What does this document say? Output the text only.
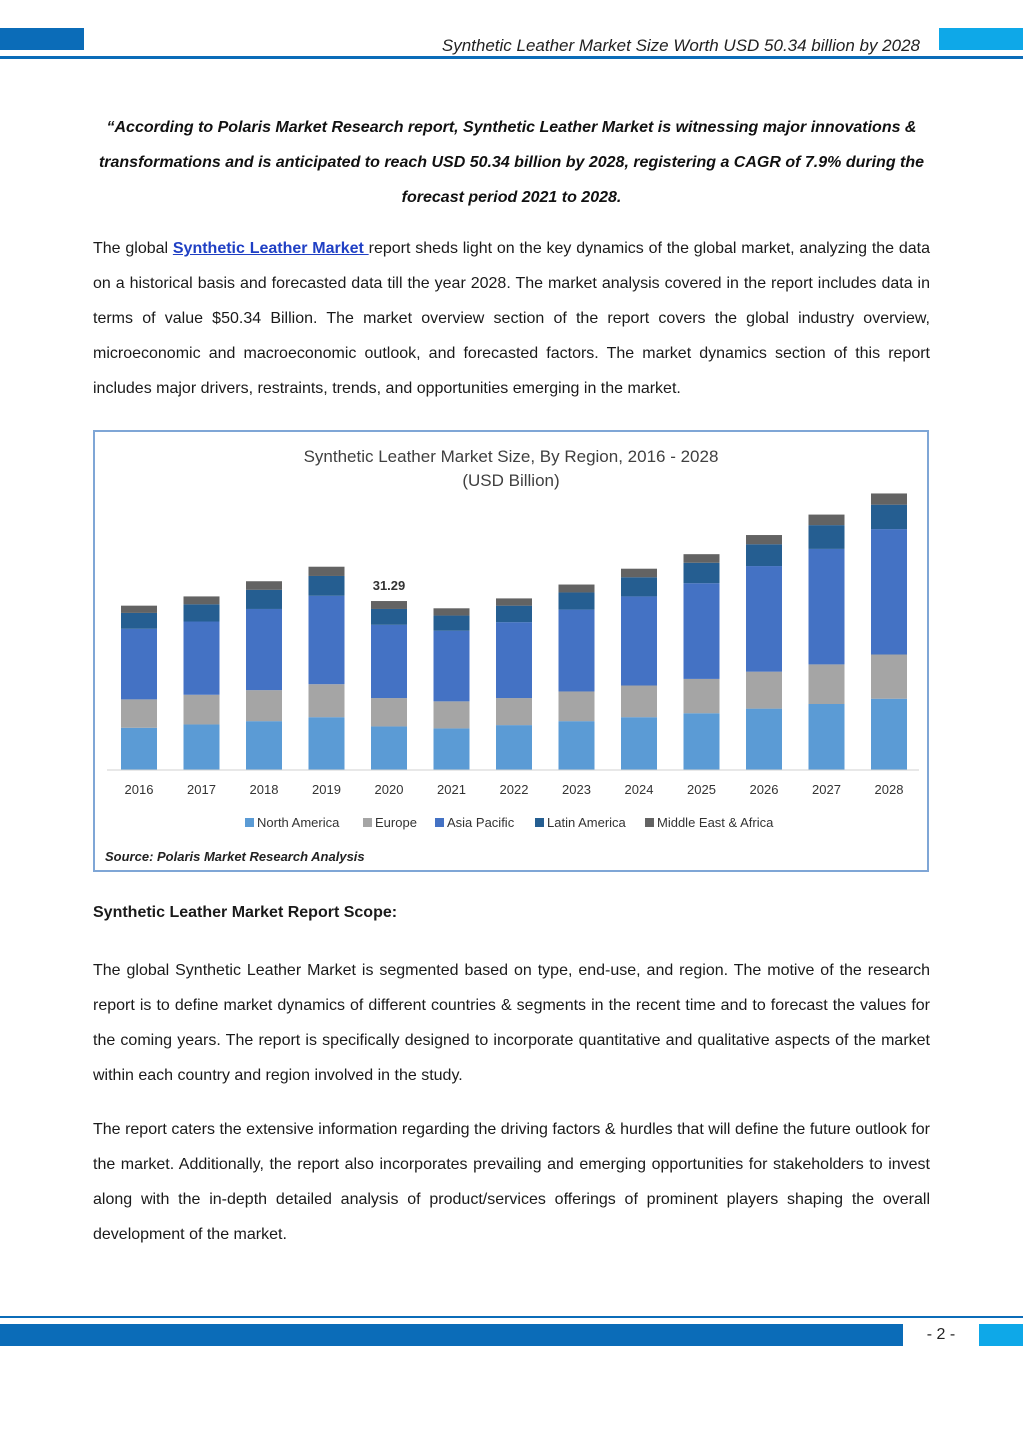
Synthetic Leather Market Size Worth USD 50.34 billion by 2028
“According to Polaris Market Research report, Synthetic Leather Market is witnessing major innovations & transformations and is anticipated to reach USD 50.34 billion by 2028, registering a CAGR of 7.9% during the forecast period 2021 to 2028.
The global Synthetic Leather Market report sheds light on the key dynamics of the global market, analyzing the data on a historical basis and forecasted data till the year 2028. The market analysis covered in the report includes data in terms of value $50.34 Billion. The market overview section of the report covers the global industry overview, microeconomic and macroeconomic outlook, and forecasted factors. The market dynamics section of this report includes major drivers, restraints, trends, and opportunities emerging in the market.
Synthetic Leather Market Size, By Region, 2016 - 2028
(USD Billion)
2016	2017	2018	2019	2020	2021	2022	2023	2024	2025	2026	2027	2028
31.29
North America	Europe Asia Pacific	Latin America Middle East & Africa
Source: Polaris Market Research Analysis
Synthetic Leather Market Report Scope:
The global Synthetic Leather Market is segmented based on type, end-use, and region. The motive of the research report is to define market dynamics of different countries & segments in the recent time and to forecast the values for the coming years. The report is specifically designed to incorporate quantitative and qualitative aspects of the market within each country and region involved in the study.
The report caters the extensive information regarding the driving factors & hurdles that will define the future outlook for the market. Additionally, the report also incorporates prevailing and emerging opportunities for stakeholders to invest along with the in-depth detailed analysis of product/services offerings of prominent players shaping the overall development of the market.
- 2 -
